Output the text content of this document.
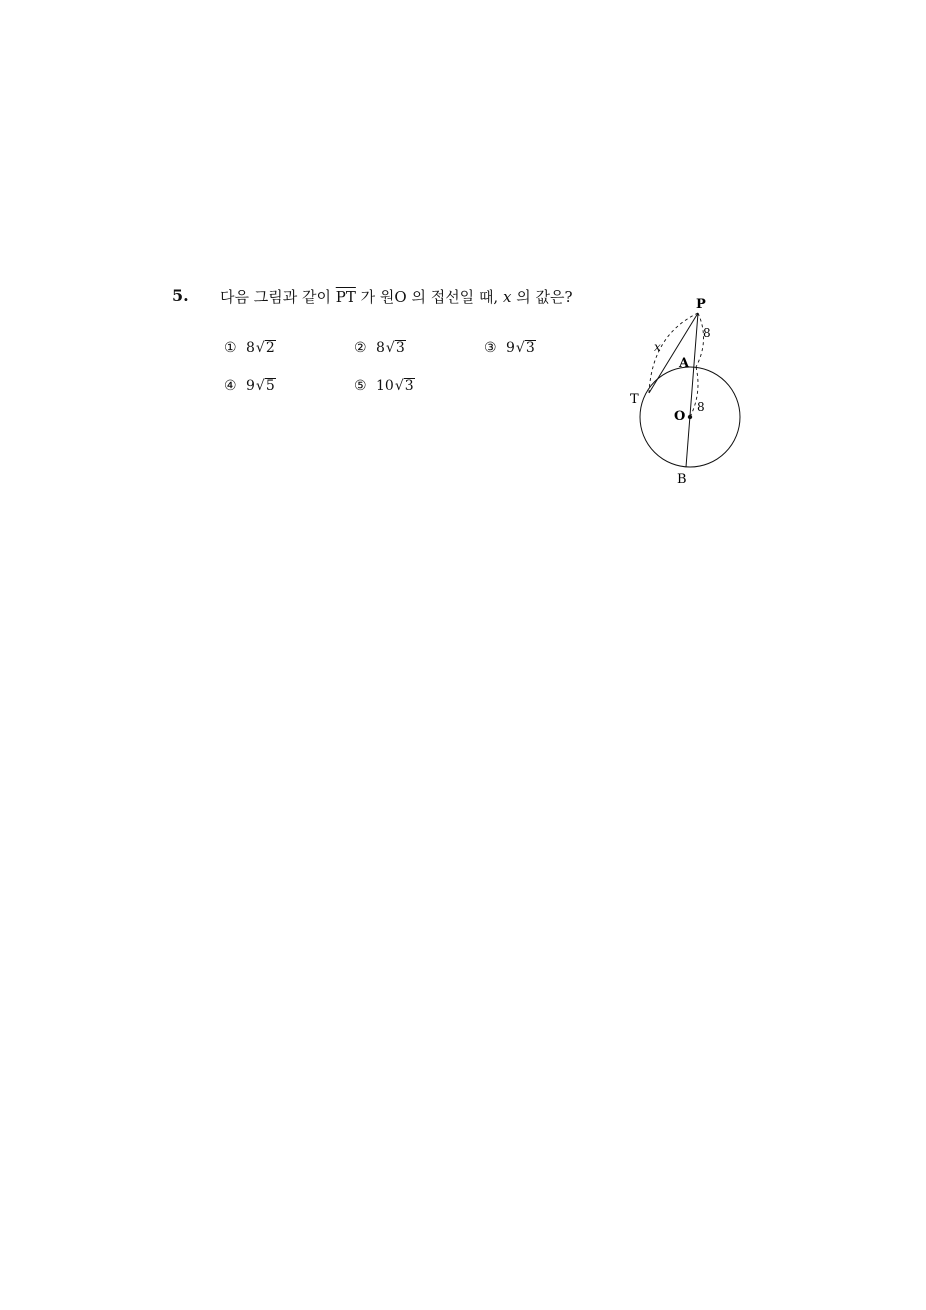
5. 다음 그림과 같이 $\overline{PT}$ 가 원O 의 접선일 때, x 의 값은?
① 8√2	② 8√3	③ 9√3
④ 9√5	⑤ 10√3
P
A
T
O
B
x
8
8
